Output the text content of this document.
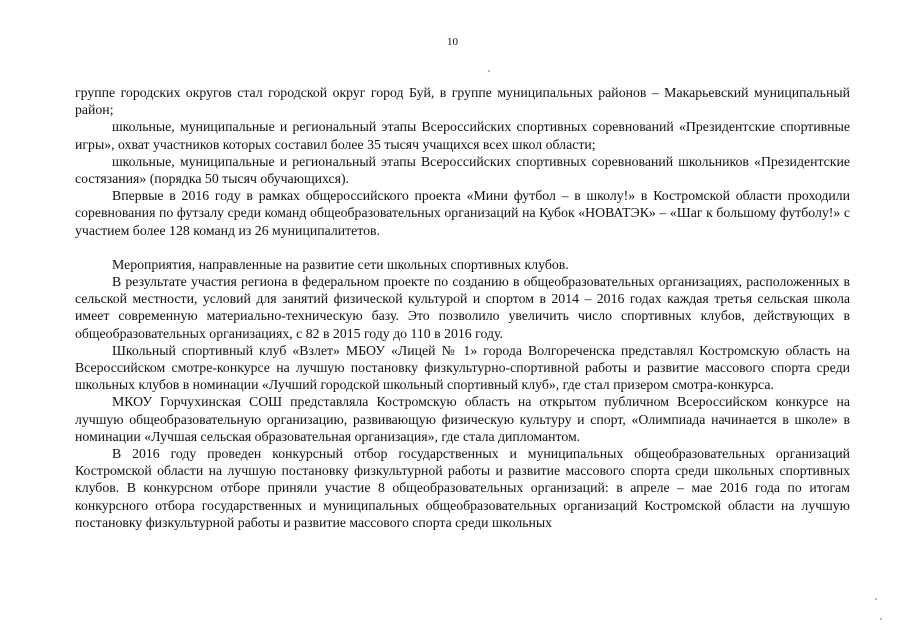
10

группе городских округов стал городской округ город Буй, в группе муниципальных районов – Макарьевский муниципальный район;

школьные, муниципальные и региональный этапы Всероссийских спортивных соревнований «Президентские спортивные игры», охват участников которых составил более 35 тысяч учащихся всех школ области;

школьные, муниципальные и региональный этапы Всероссийских спортивных соревнований школьников «Президентские состязания» (порядка 50 тысяч обучающихся).

Впервые в 2016 году в рамках общероссийского проекта «Мини футбол – в школу!» в Костромской области проходили соревнования по футзалу среди команд общеобразовательных организаций на Кубок «НОВАТЭК» – «Шаг к большому футболу!» с участием более 128 команд из 26 муниципалитетов.

Мероприятия, направленные на развитие сети школьных спортивных клубов.

В результате участия региона в федеральном проекте по созданию в общеобразовательных организациях, расположенных в сельской местности, условий для занятий физической культурой и спортом в 2014 – 2016 годах каждая третья сельская школа имеет современную материально-техническую базу. Это позволило увеличить число спортивных клубов, действующих в общеобразовательных организациях, с 82 в 2015 году до 110 в 2016 году.

Школьный спортивный клуб «Взлет» МБОУ «Лицей № 1» города Волгореченска представлял Костромскую область на Всероссийском смотре-конкурсе на лучшую постановку физкультурно-спортивной работы и развитие массового спорта среди школьных клубов в номинации «Лучший городской школьный спортивный клуб», где стал призером смотра-конкурса.

МКОУ Горчухинская СОШ представляла Костромскую область на открытом публичном Всероссийском конкурсе на лучшую общеобразовательную организацию, развивающую физическую культуру и спорт, «Олимпиада начинается в школе» в номинации «Лучшая сельская образовательная организация», где стала дипломантом.

В 2016 году проведен конкурсный отбор государственных и муниципальных общеобразовательных организаций Костромской области на лучшую постановку физкультурной работы и развитие массового спорта среди школьных спортивных клубов. В конкурсном отборе приняли участие 8 общеобразовательных организаций: в апреле – мае 2016 года по итогам конкурсного отбора государственных и муниципальных общеобразовательных организаций Костромской области на лучшую постановку физкультурной работы и развитие массового спорта среди школьных
